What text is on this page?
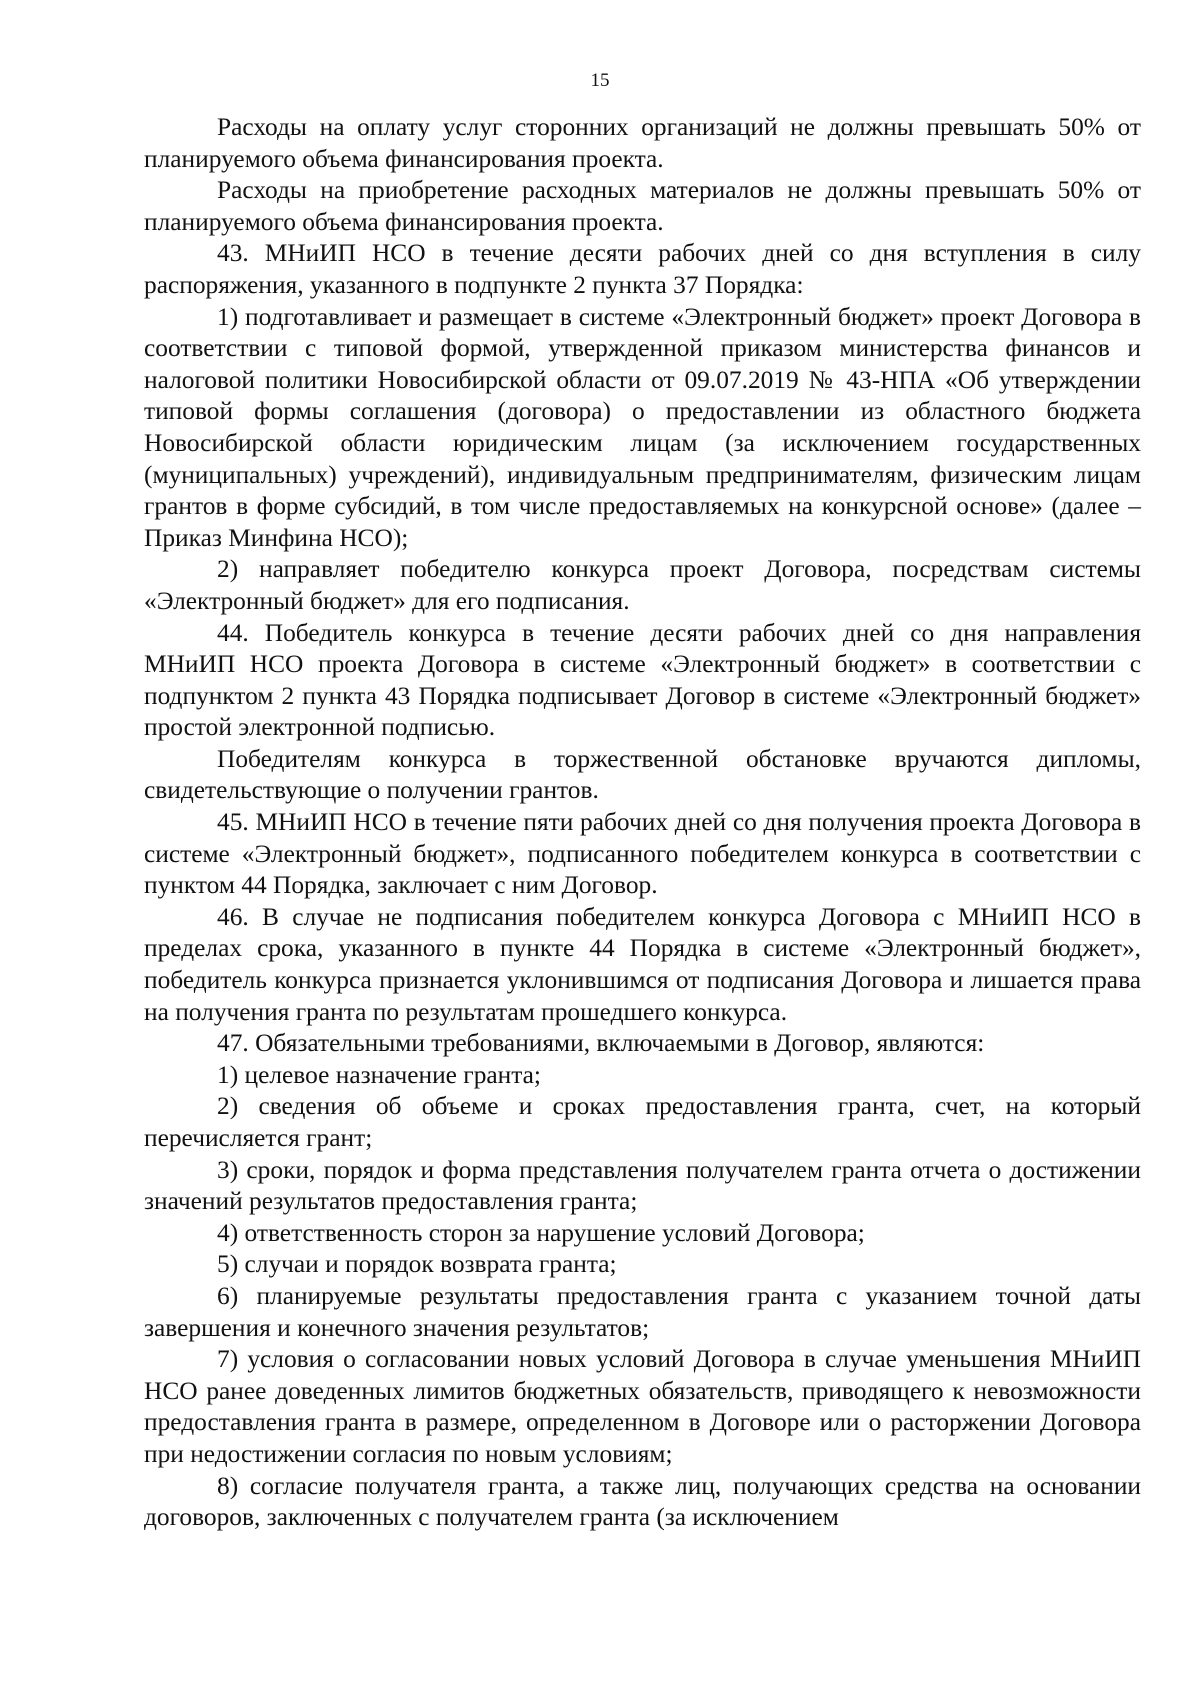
15

Расходы на оплату услуг сторонних организаций не должны превышать 50% от планируемого объема финансирования проекта.

Расходы на приобретение расходных материалов не должны превышать 50% от планируемого объема финансирования проекта.

43. МНиИП НСО в течение десяти рабочих дней со дня вступления в силу распоряжения, указанного в подпункте 2 пункта 37 Порядка:

1) подготавливает и размещает в системе «Электронный бюджет» проект Договора в соответствии с типовой формой, утвержденной приказом министерства финансов и налоговой политики Новосибирской области от 09.07.2019 № 43-НПА «Об утверждении типовой формы соглашения (договора) о предоставлении из областного бюджета Новосибирской области юридическим лицам (за исключением государственных (муниципальных) учреждений), индивидуальным предпринимателям, физическим лицам грантов в форме субсидий, в том числе предоставляемых на конкурсной основе» (далее – Приказ Минфина НСО);

2) направляет победителю конкурса проект Договора, посредствам системы «Электронный бюджет» для его подписания.

44. Победитель конкурса в течение десяти рабочих дней со дня направления МНиИП НСО проекта Договора в системе «Электронный бюджет» в соответствии с подпунктом 2 пункта 43 Порядка подписывает Договор в системе «Электронный бюджет» простой электронной подписью.

Победителям конкурса в торжественной обстановке вручаются дипломы, свидетельствующие о получении грантов.

45. МНиИП НСО в течение пяти рабочих дней со дня получения проекта Договора в системе «Электронный бюджет», подписанного победителем конкурса в соответствии с пунктом 44 Порядка, заключает с ним Договор.

46. В случае не подписания победителем конкурса Договора с МНиИП НСО в пределах срока, указанного в пункте 44 Порядка в системе «Электронный бюджет», победитель конкурса признается уклонившимся от подписания Договора и лишается права на получения гранта по результатам прошедшего конкурса.

47. Обязательными требованиями, включаемыми в Договор, являются:

1) целевое назначение гранта;

2) сведения об объеме и сроках предоставления гранта, счет, на который перечисляется грант;

3) сроки, порядок и форма представления получателем гранта отчета о достижении значений результатов предоставления гранта;

4) ответственность сторон за нарушение условий Договора;

5) случаи и порядок возврата гранта;

6) планируемые результаты предоставления гранта с указанием точной даты завершения и конечного значения результатов;

7) условия о согласовании новых условий Договора в случае уменьшения МНиИП НСО ранее доведенных лимитов бюджетных обязательств, приводящего к невозможности предоставления гранта в размере, определенном в Договоре или о расторжении Договора при недостижении согласия по новым условиям;

8) согласие получателя гранта, а также лиц, получающих средства на основании договоров, заключенных с получателем гранта (за исключением
